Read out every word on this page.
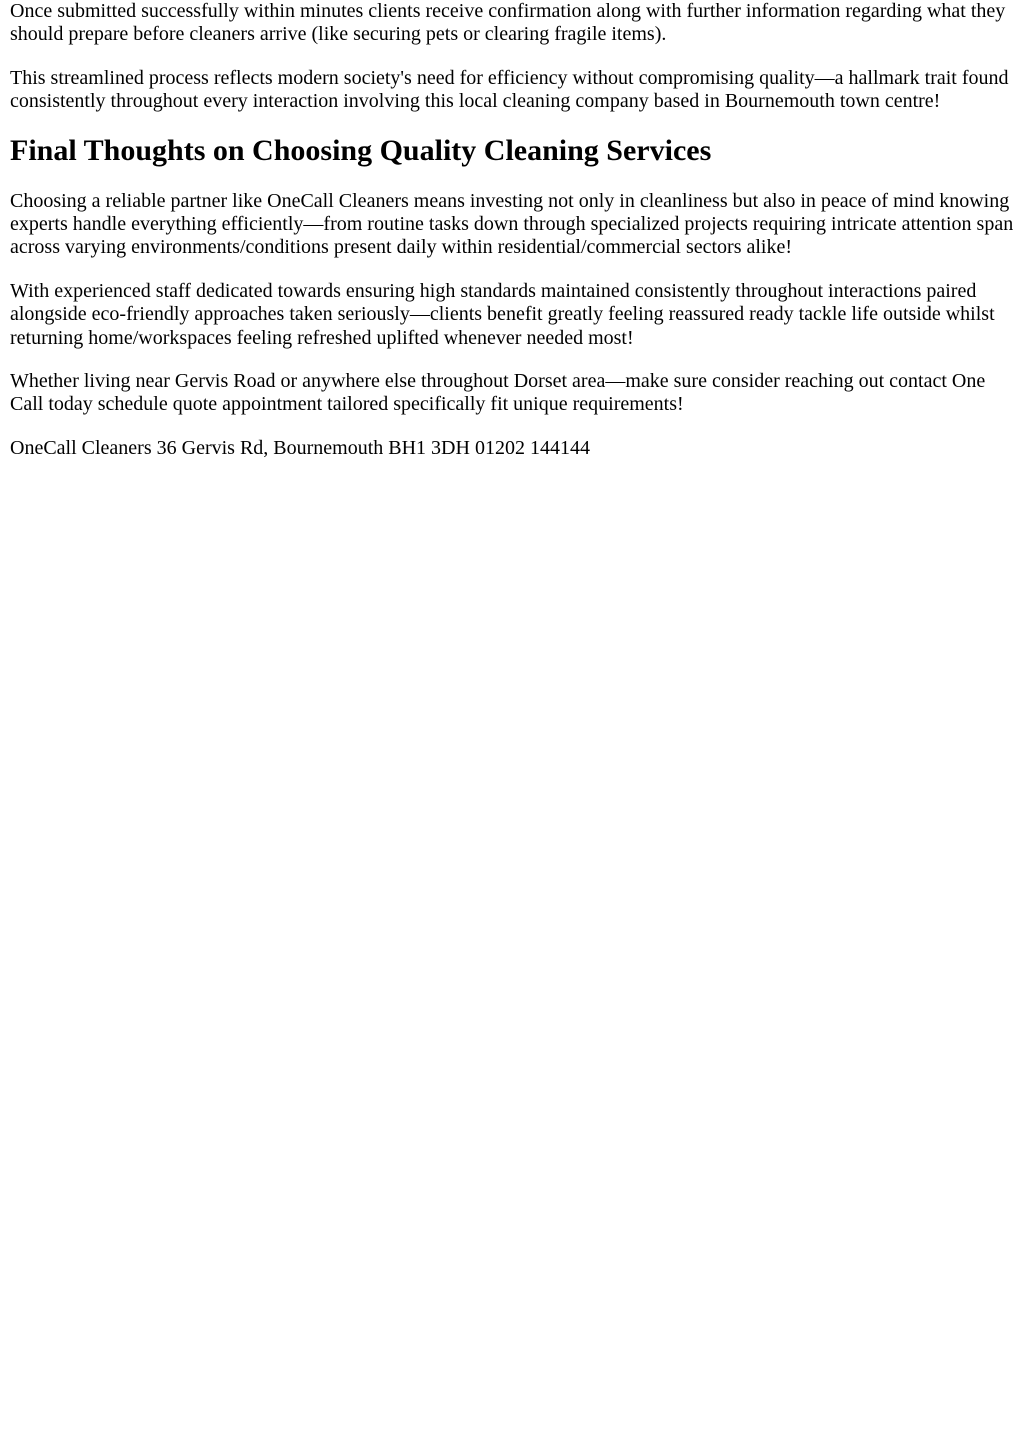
Once submitted successfully within minutes clients receive confirmation along with further information regarding what they should prepare before cleaners arrive (like securing pets or clearing fragile items).

This streamlined process reflects modern society's need for efficiency without compromising quality—a hallmark trait found consistently throughout every interaction involving this local cleaning company based in Bournemouth town centre!

Final Thoughts on Choosing Quality Cleaning Services

Choosing a reliable partner like OneCall Cleaners means investing not only in cleanliness but also in peace of mind knowing experts handle everything efficiently—from routine tasks down through specialized projects requiring intricate attention span across varying environments/conditions present daily within residential/commercial sectors alike!

With experienced staff dedicated towards ensuring high standards maintained consistently throughout interactions paired alongside eco-friendly approaches taken seriously—clients benefit greatly feeling reassured ready tackle life outside whilst returning home/workspaces feeling refreshed uplifted whenever needed most!

Whether living near Gervis Road or anywhere else throughout Dorset area—make sure consider reaching out contact One Call today schedule quote appointment tailored specifically fit unique requirements!

OneCall Cleaners 36 Gervis Rd, Bournemouth BH1 3DH 01202 144144
